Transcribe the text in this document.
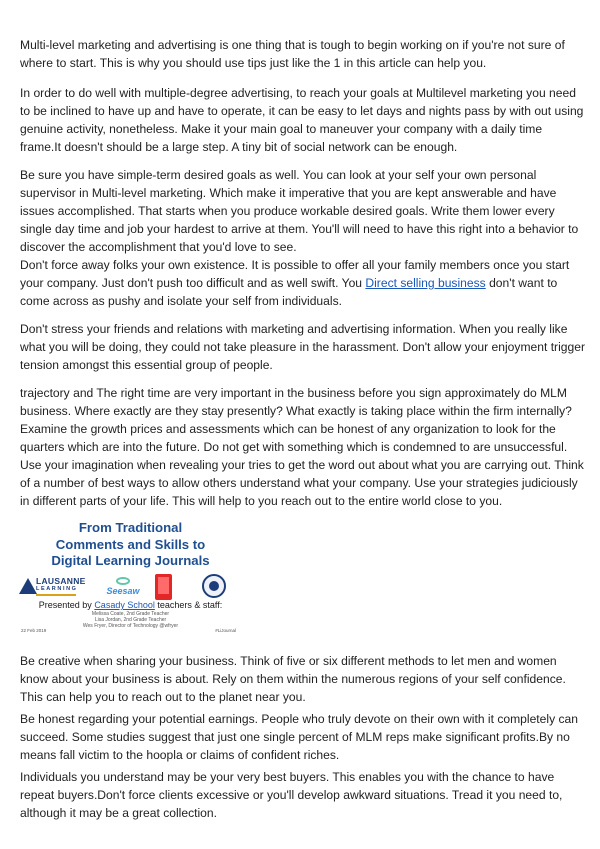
Multi-level marketing and advertising is one thing that is tough to begin working on if you're not sure of where to start. This is why you should use tips just like the 1 in this article can help you.

In order to do well with multiple-degree advertising, to reach your goals at Multilevel marketing you need to be inclined to have up and have to operate, it can be easy to let days and nights pass by with out using genuine activity, nonetheless. Make it your main goal to maneuver your company with a daily time frame.It doesn't should be a large step. A tiny bit of social network can be enough.

Be sure you have simple-term desired goals as well. You can look at your self your own personal supervisor in Multi-level marketing. Which make it imperative that you are kept answerable and have issues accomplished. That starts when you produce workable desired goals. Write them lower every single day time and job your hardest to arrive at them. You'll will need to have this right into a behavior to discover the accomplishment that you'd love to see.

Don't force away folks your own existence. It is possible to offer all your family members once you start your company. Just don't push too difficult and as well swift. You Direct selling business don't want to come across as pushy and isolate your self from individuals.

Don't stress your friends and relations with marketing and advertising information. When you really like what you will be doing, they could not take pleasure in the harassment. Don't allow your enjoyment trigger tension amongst this essential group of people.

trajectory and The right time are very important in the business before you sign approximately do MLM business. Where exactly are they stay presently? What exactly is taking place within the firm internally? Examine the growth prices and assessments which can be honest of any organization to look for the quarters which are into the future. Do not get with something which is condemned to are unsuccessful.

Use your imagination when revealing your tries to get the word out about what you are carrying out. Think of a number of best ways to allow others understand what your company. Use your strategies judiciously in different parts of your life. This will help to you reach out to the entire world close to you.

From Traditional
Comments and Skills to
Digital Learning Journals

LAUSANNE
LEARNING	Seesaw

Presented by Casady School teachers & staff:

Melissa Coate, 2nd Grade Teacher

Lisa Jordan, 2nd Grade Teacher

Wes Fryer, Director of Technology @wfryer

22 Feb 2019	#LiJournal

Be creative when sharing your business. Think of five or six different methods to let men and women know about your business is about. Rely on them within the numerous regions of your self confidence. This can help you to reach out to the planet near you.

Be honest regarding your potential earnings. People who truly devote on their own with it completely can succeed. Some studies suggest that just one single percent of MLM reps make significant profits.By no means fall victim to the hoopla or claims of confident riches.

Individuals you understand may be your very best buyers. This enables you with the chance to have repeat buyers.Don't force clients excessive or you'll develop awkward situations. Tread it you need to, although it may be a great collection.
